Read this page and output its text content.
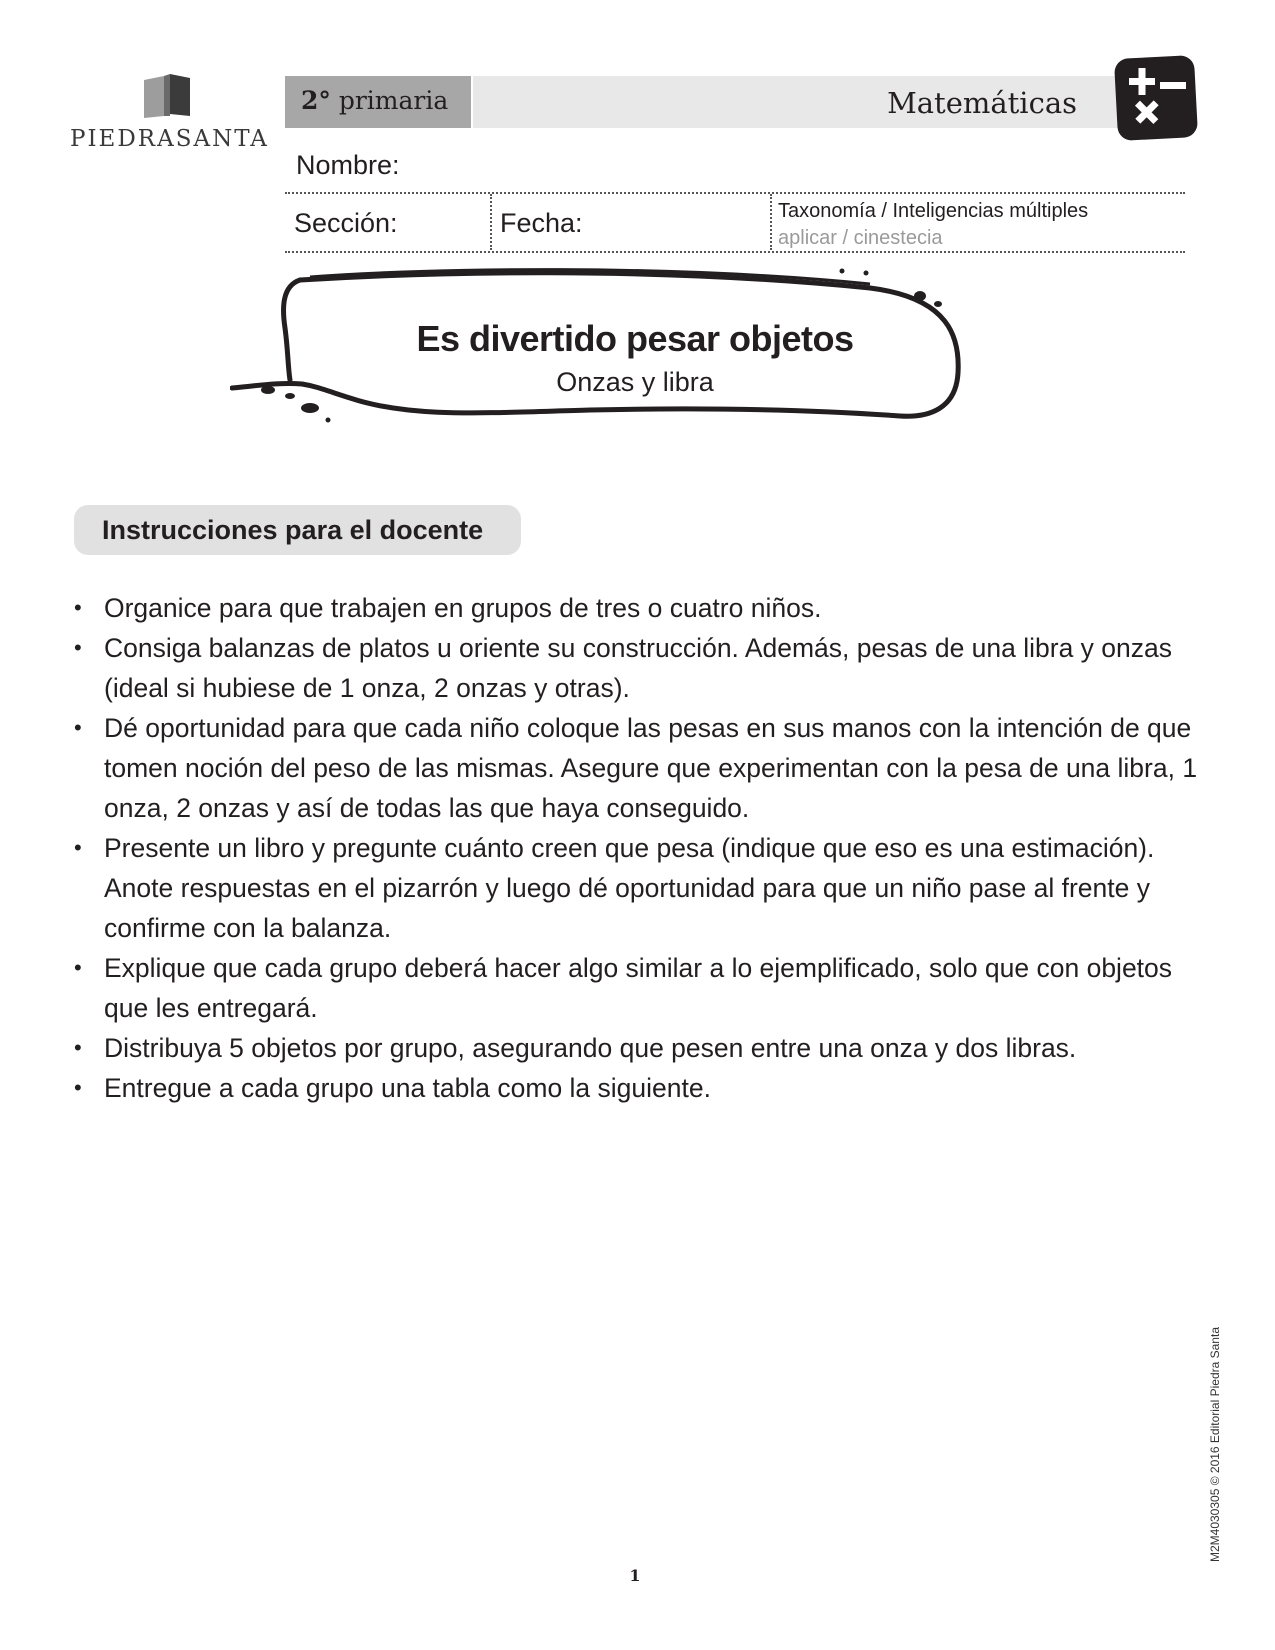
PIEDRASANTA
2° primaria	Matemáticas
Nombre:
Sección:	Fecha:	Taxonomía / Inteligencias múltiples
aplicar / cinestecia
Es divertido pesar objetos
Onzas y libra
Instrucciones para el docente
• Organice para que trabajen en grupos de tres o cuatro niños.
• Consiga balanzas de platos u oriente su construcción. Además, pesas de una libra y onzas (ideal si hubiese de 1 onza, 2 onzas y otras).
• Dé oportunidad para que cada niño coloque las pesas en sus manos con la intención de que tomen noción del peso de las mismas. Asegure que experimentan con la pesa de una libra, 1 onza, 2 onzas y así de todas las que haya conseguido.
• Presente un libro y pregunte cuánto creen que pesa (indique que eso es una estimación). Anote respuestas en el pizarrón y luego dé oportunidad para que un niño pase al frente y confirme con la balanza.
• Explique que cada grupo deberá hacer algo similar a lo ejemplificado, solo que con objetos que les entregará.
• Distribuya 5 objetos por grupo, asegurando que pesen entre una onza y dos libras.
• Entregue a cada grupo una tabla como la siguiente.
1
M2M4030305 © 2016 Editorial Piedra Santa
